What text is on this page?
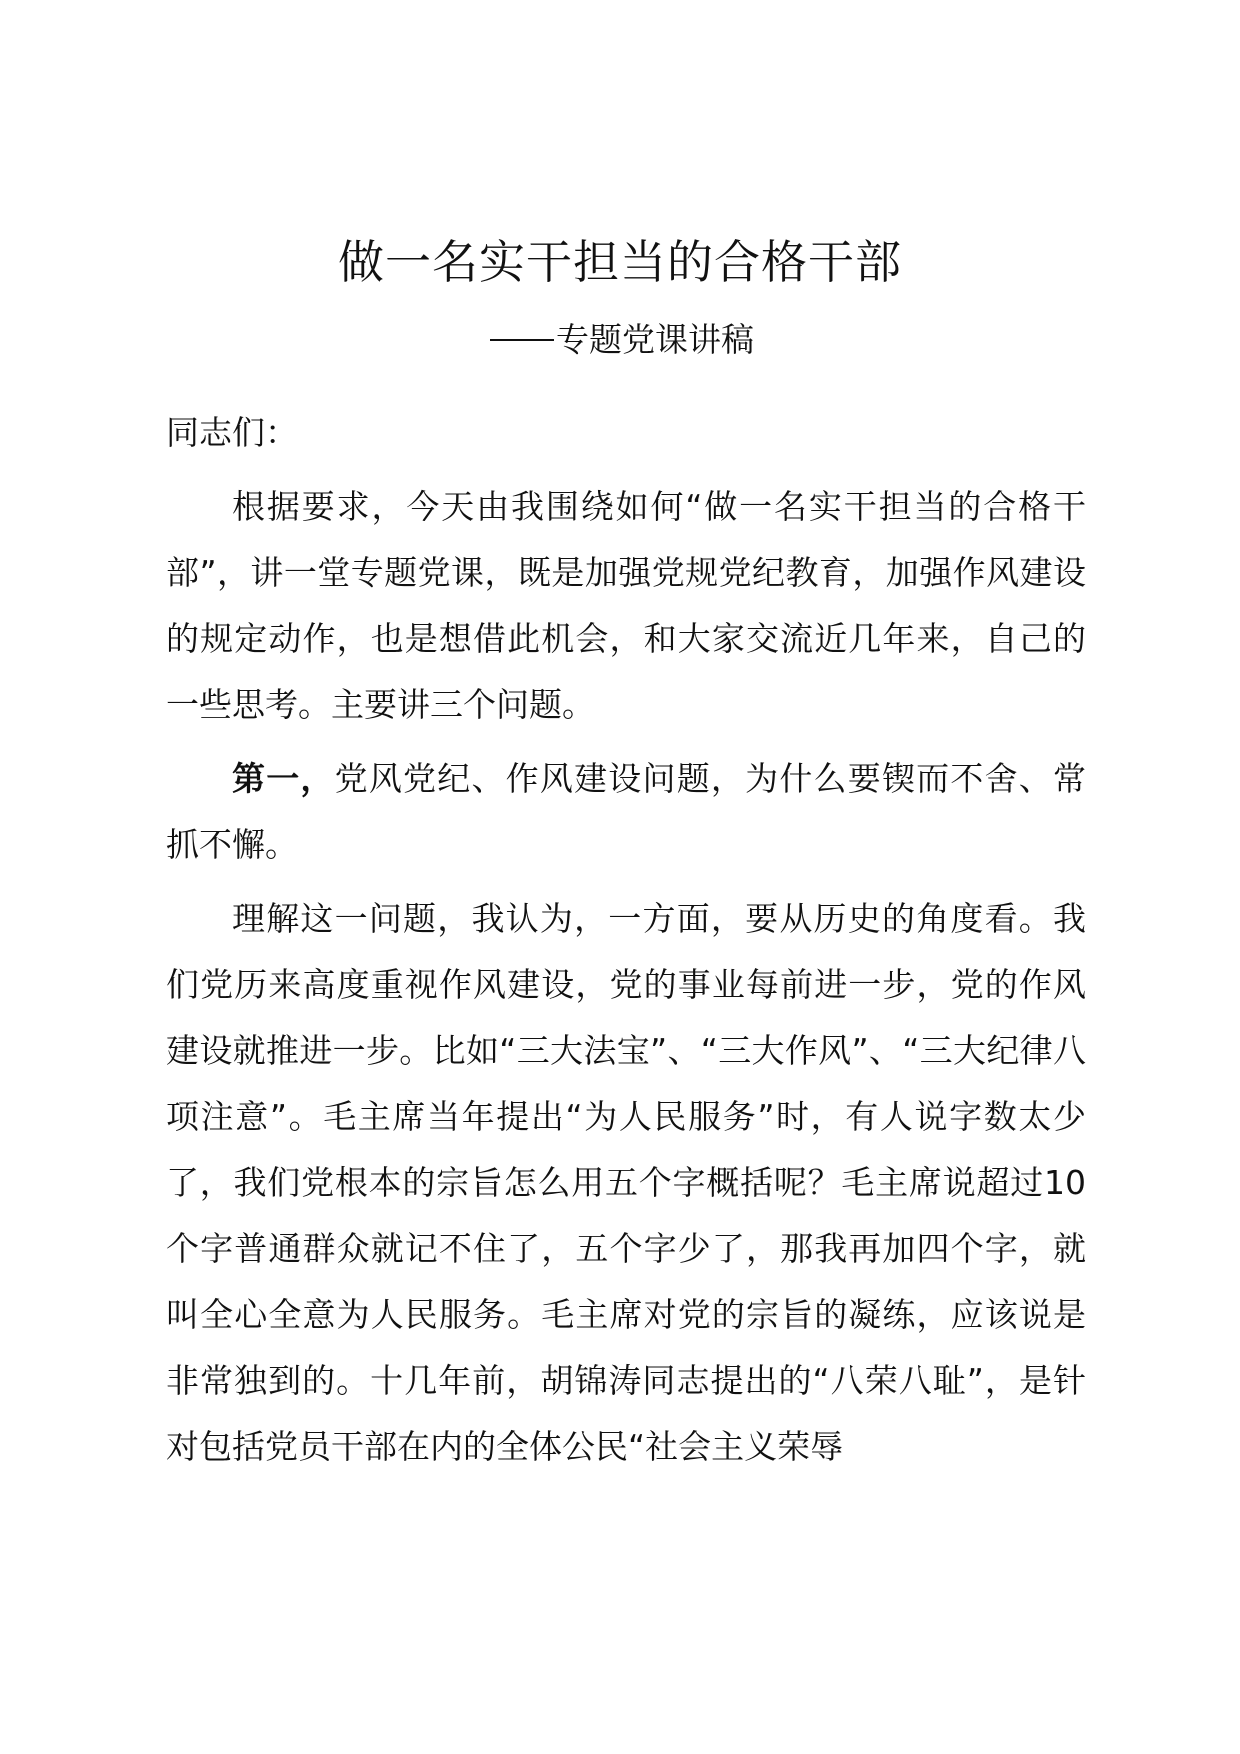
做一名实干担当的合格干部
专题党课讲稿

同志们：

根据要求，今天由我围绕如何“做一名实干担当的合格干部”，讲一堂专题党课，既是加强党规党纪教育，加强作风建设的规定动作，也是想借此机会，和大家交流近几年来，自己的一些思考。主要讲三个问题。

第一，党风党纪、作风建设问题，为什么要锲而不舍、常抓不懈。

理解这一问题，我认为，一方面，要从历史的角度看。我们党历来高度重视作风建设，党的事业每前进一步，党的作风建设就推进一步。比如“三大法宝”、“三大作风”、“三大纪律八项注意”。毛主席当年提出“为人民服务”时，有人说字数太少了，我们党根本的宗旨怎么用五个字概括呢？毛主席说超过10个字普通群众就记不住了，五个字少了，那我再加四个字，就叫全心全意为人民服务。毛主席对党的宗旨的凝练，应该说是非常独到的。十几年前，胡锦涛同志提出的“八荣八耻”，是针对包括党员干部在内的全体公民“社会主义荣辱
